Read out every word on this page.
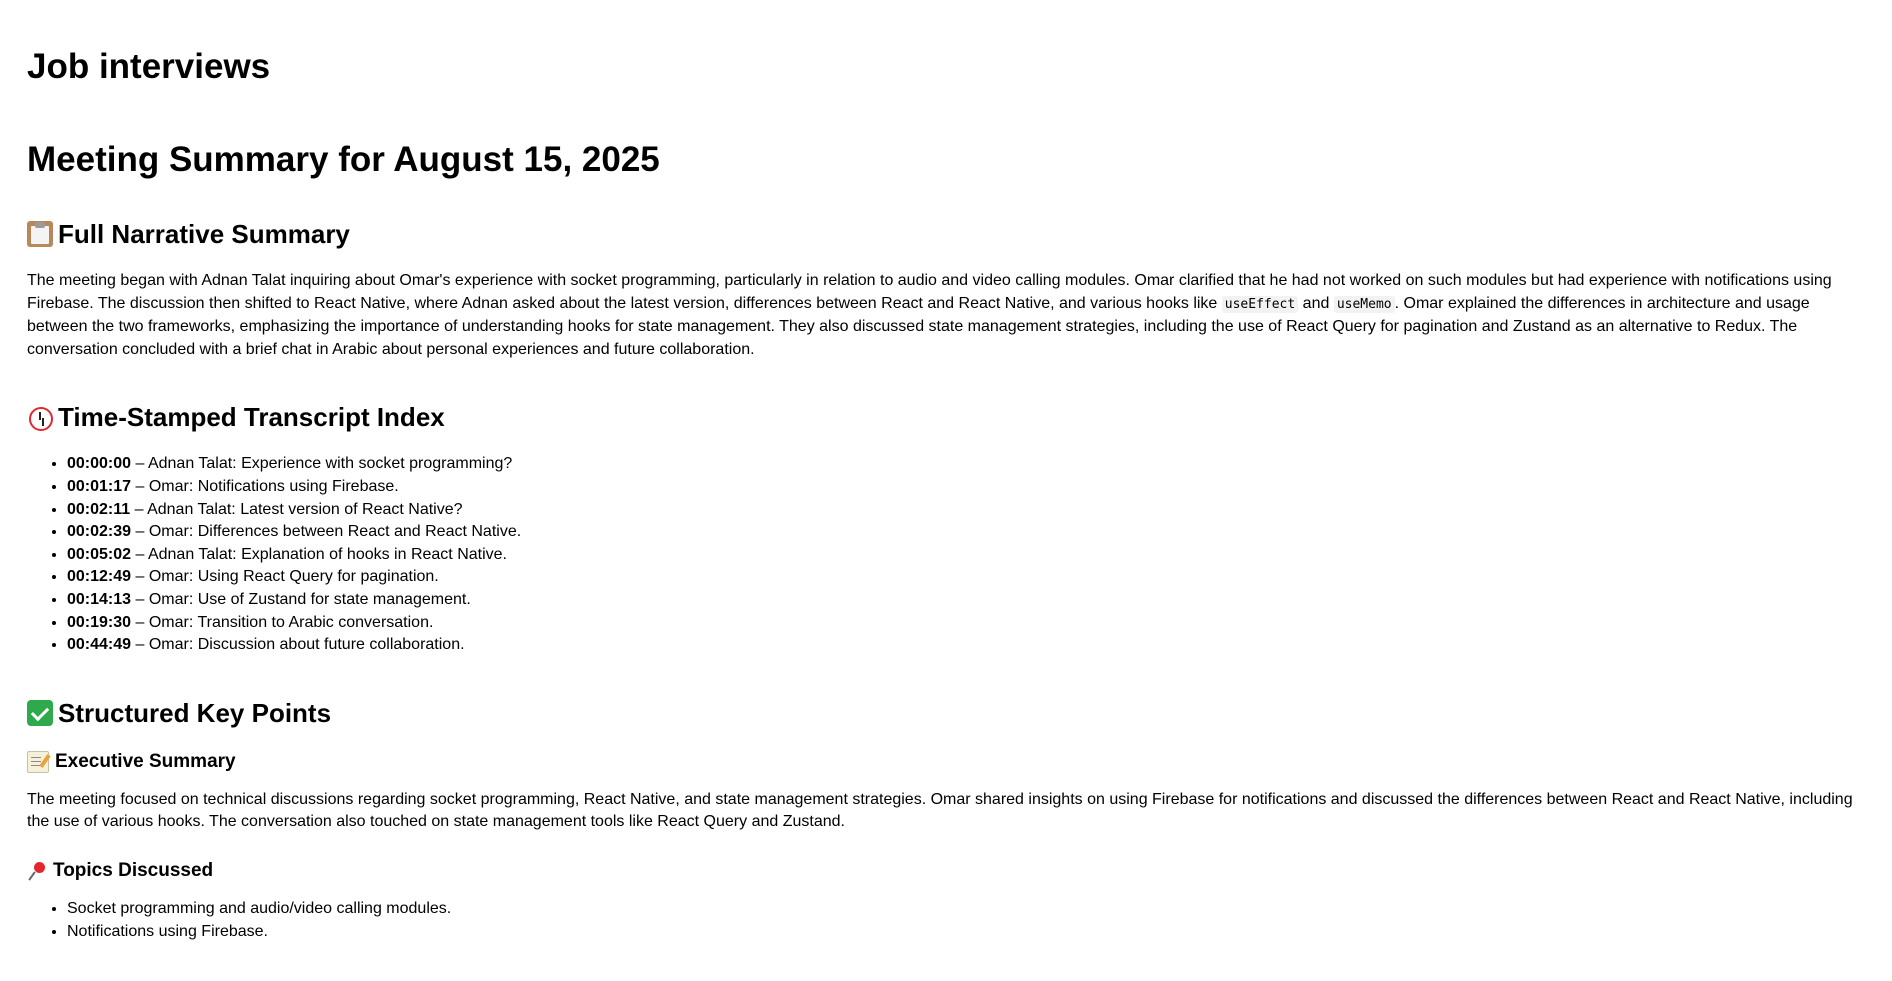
Job interviews
Meeting Summary for August 15, 2025
Full Narrative Summary

The meeting began with Adnan Talat inquiring about Omar's experience with socket programming, particularly in relation to audio and video calling modules. Omar clarified that he had not worked on such modules but had experience with notifications using Firebase. The discussion then shifted to React Native, where Adnan asked about the latest version, differences between React and React Native, and various hooks like useEffect and useMemo . Omar explained the differences in architecture and usage between the two frameworks, emphasizing the importance of understanding hooks for state management. They also discussed state management strategies, including the use of React Query for pagination and Zustand as an alternative to Redux. The conversation concluded with a brief chat in Arabic about personal experiences and future collaboration.

Time-Stamped Transcript Index
• 00:00:00 – Adnan Talat: Experience with socket programming?
• 00:01:17 – Omar: Notifications using Firebase.
• 00:02:11 – Adnan Talat: Latest version of React Native?
• 00:02:39 – Omar: Differences between React and React Native.
• 00:05:02 – Adnan Talat: Explanation of hooks in React Native.
• 00:12:49 – Omar: Using React Query for pagination.
• 00:14:13 – Omar: Use of Zustand for state management.
• 00:19:30 – Omar: Transition to Arabic conversation.
• 00:44:49 – Omar: Discussion about future collaboration.
Structured Key Points
Executive Summary

The meeting focused on technical discussions regarding socket programming, React Native, and state management strategies. Omar shared insights on using Firebase for notifications and discussed the differences between React and React Native, including the use of various hooks. The conversation also touched on state management tools like React Query and Zustand.

Topics Discussed
• Socket programming and audio/video calling modules.
• Notifications using Firebase.
